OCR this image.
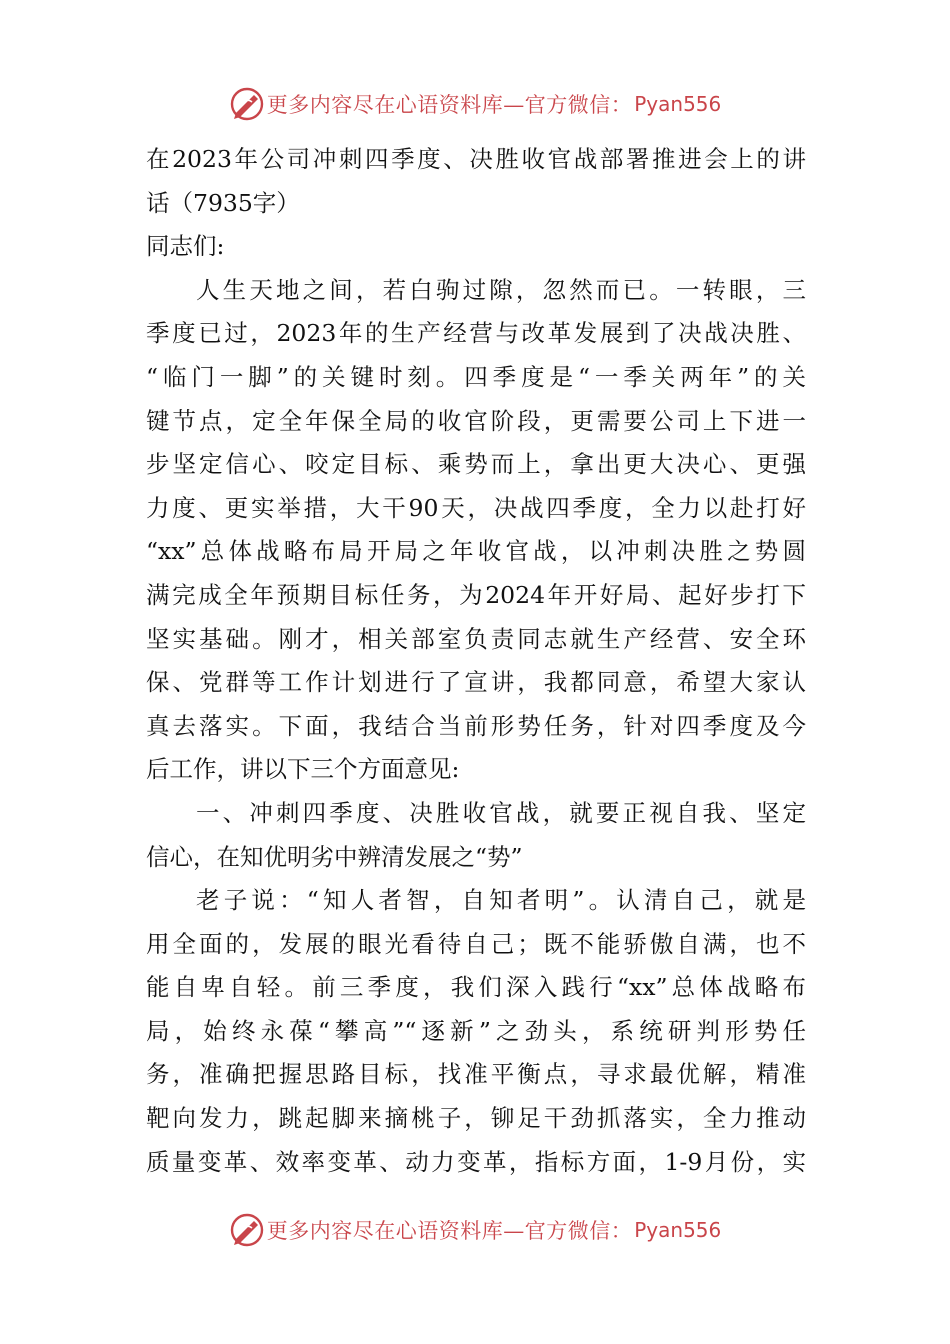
更多内容尽在心语资料库—官方微信： Pyan556
在2023年公司冲刺四季度、决胜收官战部署推进会上的讲
话（7935字）
同志们:
人生天地之间，若白驹过隙，忽然而已。一转眼，三
季度已过，2023年的生产经营与改革发展到了决战决胜、
“临门一脚”的关键时刻。四季度是“一季关两年”的关
键节点，定全年保全局的收官阶段，更需要公司上下进一
步坚定信心、咬定目标、乘势而上，拿出更大决心、更强
力度、更实举措，大干90天，决战四季度，全力以赴打好
“xx”总体战略布局开局之年收官战，以冲刺决胜之势圆
满完成全年预期目标任务，为2024年开好局、起好步打下
坚实基础。刚才，相关部室负责同志就生产经营、安全环
保、党群等工作计划进行了宣讲，我都同意，希望大家认
真去落实。下面，我结合当前形势任务，针对四季度及今
后工作，讲以下三个方面意见:
一、冲刺四季度、决胜收官战，就要正视自我、坚定
信心，在知优明劣中辨清发展之“势”
老子说：“知人者智，自知者明”。认清自己，就是
用全面的，发展的眼光看待自己；既不能骄傲自满，也不
能自卑自轻。前三季度，我们深入践行“xx”总体战略布
局，始终永葆“攀高”“逐新”之劲头，系统研判形势任
务，准确把握思路目标，找准平衡点，寻求最优解，精准
靶向发力，跳起脚来摘桃子，铆足干劲抓落实，全力推动
质量变革、效率变革、动力变革，指标方面，1-9月份，实
更多内容尽在心语资料库—官方微信： Pyan556
